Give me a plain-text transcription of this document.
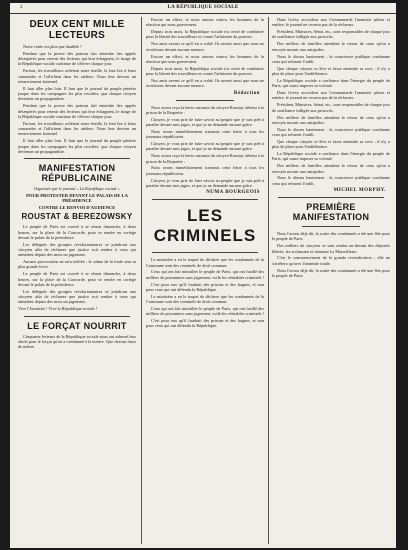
2	LA RÉPUBLIQUE SOCIALE
DEUX CENT MILLE LECTEURS

Notre vente est plus que doublée !

Pendant que la presse des patrons fait entendre des appels désespérés pour retenir des lecteurs qui leur échappent, le tirage de la République sociale continue de s'élever chaque jour.

Partout, les travailleurs achètent notre feuille, la font lire à leurs camarades et l'affichent dans les ateliers. Nous leur devons un remerciement fraternel.

Il faut aller plus loin. Il faut que le journal du peuple pénètre jusque dans les campagnes les plus reculées, que chaque citoyen devienne un propagandiste.

Pendant que la presse des patrons fait entendre des appels désespérés pour retenir des lecteurs qui leur échappent, le tirage de la République sociale continue de s'élever chaque jour.

Partout, les travailleurs achètent notre feuille, la font lire à leurs camarades et l'affichent dans les ateliers. Nous leur devons un remerciement fraternel.

Il faut aller plus loin. Il faut que le journal du peuple pénètre jusque dans les campagnes les plus reculées, que chaque citoyen devienne un propagandiste.

MANIFESTATION RÉPUBLICAINE
Organisée par le journal « La République sociale »
POUR PROTESTER DEVANT LE PALAIS DE LA PRÉSIDENCE
CONTRE LE RENVOI D'AUDIENCE
ROUSTAT & BEREZOWSKY

Le peuple de Paris est convié à se réunir dimanche, à deux heures, sur la place de la Concorde, pour se rendre en cortège devant le palais de la présidence.

Les délégués des groupes révolutionnaires se joindront aux citoyens afin de réclamer que justice soit rendue à ceux qui attendent depuis des mois un jugement.

Aucune provocation ne sera tolérée ; le calme de la foule sera sa plus grande force.

Le peuple de Paris est convié à se réunir dimanche, à deux heures, sur la place de la Concorde, pour se rendre en cortège devant le palais de la présidence.

Les délégués des groupes révolutionnaires se joindront aux citoyens afin de réclamer que justice soit rendue à ceux qui attendent depuis des mois un jugement.

Vive l'Amnistie ! Vive la République sociale !

LE FORÇAT NOURRIT

Cinquante lecteurs de la République sociale nous ont adressé leur obole pour le forçat qu'on a condamné à la misère. Que chacun fasse de même.

Encore un effort, et nous aurons vaincu les hommes de la réaction qui nous gouvernent.

Depuis trois mois, la République sociale n'a cessé de combattre pour la liberté des travailleurs et contre l'arbitraire du pouvoir.

Nos amis savent ce qu'il en a coûté. Ils savent aussi que nous ne reculerons devant aucune menace.

Encore un effort, et nous aurons vaincu les hommes de la réaction qui nous gouvernent.

Depuis trois mois, la République sociale n'a cessé de combattre pour la liberté des travailleurs et contre l'arbitraire du pouvoir.

Nos amis savent ce qu'il en a coûté. Ils savent aussi que nous ne reculerons devant aucune menace.

Rédaction

Nous avons reçu la lettre suivante du citoyen Roustat, détenu à la prison de la Roquette :

Citoyen, je vous prie de faire savoir au peuple que je suis prêt à paraître devant mes juges, et que je ne demande aucune grâce.

Nous avons immédiatement transmis cette lettre à tous les journaux républicains.

Citoyen, je vous prie de faire savoir au peuple que je suis prêt à paraître devant mes juges, et que je ne demande aucune grâce.

Nous avons reçu la lettre suivante du citoyen Roustat, détenu à la prison de la Roquette :

Nous avons immédiatement transmis cette lettre à tous les journaux républicains.

Citoyen, je vous prie de faire savoir au peuple que je suis prêt à paraître devant mes juges, et que je ne demande aucune grâce.

NUMA BOURGEOIS
LES CRIMINELS

Le ministère a eu le toupet de déclarer que les condamnés de la Commune sont des criminels de droit commun.

Ceux qui ont fait mitrailler le peuple de Paris, qui ont fusillé des milliers de prisonniers sans jugement, voilà les véritables criminels !

C'est pour eux qu'il faudrait des prisons et des bagnes, et non pour ceux qui ont défendu la République.

Le ministère a eu le toupet de déclarer que les condamnés de la Commune sont des criminels de droit commun.

Ceux qui ont fait mitrailler le peuple de Paris, qui ont fusillé des milliers de prisonniers sans jugement, voilà les véritables criminels !

C'est pour eux qu'il faudrait des prisons et des bagnes, et non pour ceux qui ont défendu la République.

Dans Grévy accordera aux Communards l'amnistie pleine et entière, le journal ne cessera pas de la réclamer.

Président, Ministres, Sénat, etc., sont responsables de chaque jour de souffrance infligée aux proscrits.

Des milliers de familles attendent le retour de ceux qu'on a envoyés mourir aux antipodes.

Nous le disons hautement : la conscience publique condamne ceux qui refusent l'oubli.

Que chaque citoyen se lève et fasse entendre sa voix ; il n'y a plus de place pour l'indifférence.

La République sociale a confiance dans l'énergie du peuple de Paris, qui saura imposer sa volonté.

Dans Grévy accordera aux Communards l'amnistie pleine et entière, le journal ne cessera pas de la réclamer.

Président, Ministres, Sénat, etc., sont responsables de chaque jour de souffrance infligée aux proscrits.

Des milliers de familles attendent le retour de ceux qu'on a envoyés mourir aux antipodes.

Nous le disons hautement : la conscience publique condamne ceux qui refusent l'oubli.

Que chaque citoyen se lève et fasse entendre sa voix ; il n'y a plus de place pour l'indifférence.

La République sociale a confiance dans l'énergie du peuple de Paris, qui saura imposer sa volonté.

Des milliers de familles attendent le retour de ceux qu'on a envoyés mourir aux antipodes.

Nous le disons hautement : la conscience publique condamne ceux qui refusent l'oubli.

MICHEL MORPHY.
PREMIÈRE MANIFESTATION

Nous l'avons déjà dit, la sortie des condamnés a été une fête pour le peuple de Paris.

Des milliers de citoyens se sont rendus au-devant des déportés libérés, les acclamant et chantant La Marseillaise.

C'est le commencement de la grande revendication ; elle ne s'arrêtera qu'avec l'amnistie totale.

Nous l'avons déjà dit, la sortie des condamnés a été une fête pour le peuple de Paris.
